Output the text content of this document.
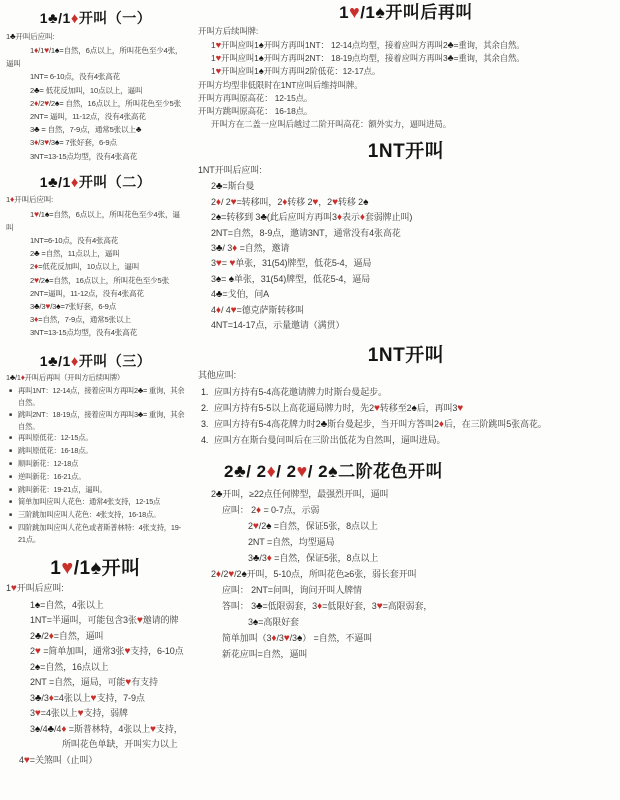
1♣/1♦开叫（一）

1♣开叫后应叫:

1♦/1♥/1♠=自然，6点以上，所叫花色至少4张，逼叫
1NT= 6-10点，没有4张高花
2♣= 低花反加叫，10点以上，逼叫
2♦/2♥/2♠= 自然，16点以上，所叫花色至少5张
2NT= 逼叫，11-12点，没有4张高花
3♣ = 自然，7-9点，通常5张以上♣
3♦/3♥/3♠= 7张好套，6-9点
3NT=13-15点均型，没有4张高花
1♣/1♦开叫（二）

1♦开叫后应叫:

1♥/1♠=自然，6点以上，所叫花色至少4张，逼叫
1NT=6-10点，没有4张高花
2♣ =自然，11点以上，逼叫
2♦=低花反加叫，10点以上，逼叫
2♥/2♠=自然，16点以上，所叫花色至少5张
2NT=逼叫，11-12点，没有4张高花
3♣/3♥/3♠=7张好套，6-9点
3♦=自然，7-9点，通常5张以上
3NT=13-15点均型，没有4张高花
1♣/1♦开叫（三）

1♣/1♦开叫后再叫（开叫方后续叫牌）

■ 再叫1NT：12-14点，接着应叫方再叫2♣= 重询，其余自然。
■ 跳叫2NT：18-19点，接着应叫方再叫3♣= 重询，其余自然。
■ 再叫原低花：12-15点。
■ 跳叫原低花：16-18点。
■ 顺叫新花：12-18点
■ 逆叫新花：16-21点。
■ 跳叫新花：19-21点，逼叫。
■ 简单加叫应叫人花色：通常4张支持，12-15点
■ 三阶跳加叫应叫人花色：4张支持，16-18点。
■ 四阶跳加叫应叫人花色或者斯普林特：4张支持，19-21点。
1♥/1♠开叫

1♥开叫后应叫:

1♠=自然，4张以上
1NT=半逼叫，可能包含3张♥邀请的牌
2♣/2♦=自然，逼叫
2♥ =简单加叫，通常3张♥支持，6-10点
2♠=自然，16点以上
2NT =自然，逼局，可能♥有支持
3♣/3♦=4张以上♥支持，7-9点
3♥=4张以上♥支持，弱牌
3♠/4♣/4♦ =斯普林特，4张以上♥支持，
所叫花色单缺，开叫实力以上
4♥=关煞叫（止叫）
1♥/1♠开叫后再叫

开叫方后续叫牌:

1♥开叫应叫1♠开叫方再叫1NT： 12-14点均型，接着应叫方再叫2♣=重询，其余自然。
1♥开叫应叫1♠开叫方再叫2NT： 18-19点均型，接着应叫方再叫3♣=重询，其余自然。
1♥开叫应叫1♠开叫方再叫2阶低花：12-17点。
开叫方均型非低限时在1NT应叫后维持叫牌。
开叫方再叫原高花： 12-15点。
开叫方跳叫原高花： 16-18点。
开叫方在二盖一应叫后越过二阶开叫高花：额外实力，逼叫进局。
1NT开叫

1NT开叫后应叫:

2♣=斯台曼
2♦/ 2♥=转移叫，2♦转移 2♥，2♥转移 2♠
2♠=转移到 3♣(此后应叫方再叫3♦表示♦套弱牌止叫)
2NT=自然，8-9点，邀请3NT，通常没有4张高花
3♣/ 3♦ =自然，邀请
3♥= ♥单张，31(54)牌型，低花5-4，逼局
3♠= ♠单张，31(54)牌型，低花5-4，逼局
4♣=戈伯，问A
4♦/ 4♥=德克萨斯转移叫
4NT=14-17点，示量邀请（满贯）
1NT开叫

其他应叫:

1. 应叫方持有5-4高花邀请牌力时斯台曼起步。
2. 应叫方持有5-5以上高花逼局牌力时，先2♥转移至2♠后，再叫3♥
3. 应叫方持有5-4高花牌力时2♣斯台曼起步，当开叫方答叫2♦后，在三阶跳叫5张高花。
4. 应叫方在斯台曼问叫后在三阶出低花为自然叫，逼叫进局。
2♣/ 2♦/ 2♥/ 2♠二阶花色开叫
2♣开叫，≥22点任何牌型，最强烈开叫，逼叫
应叫： 2♦ = 0-7点，示弱
2♥/2♠ =自然，保证5张，8点以上
2NT =自然，均型逼局
3♣/3♦ =自然，保证5张，8点以上
2♦/2♥/2♠开叫，5-10点，所叫花色≥6张，弱长套开叫
应叫： 2NT=问叫，询问开叫人牌情
答叫： 3♣=低限弱套，3♦=低限好套，3♥=高限弱套，
3♠=高限好套
简单加叫（3♦/3♥/3♠） =自然，不逼叫
新花应叫=自然，逼叫
